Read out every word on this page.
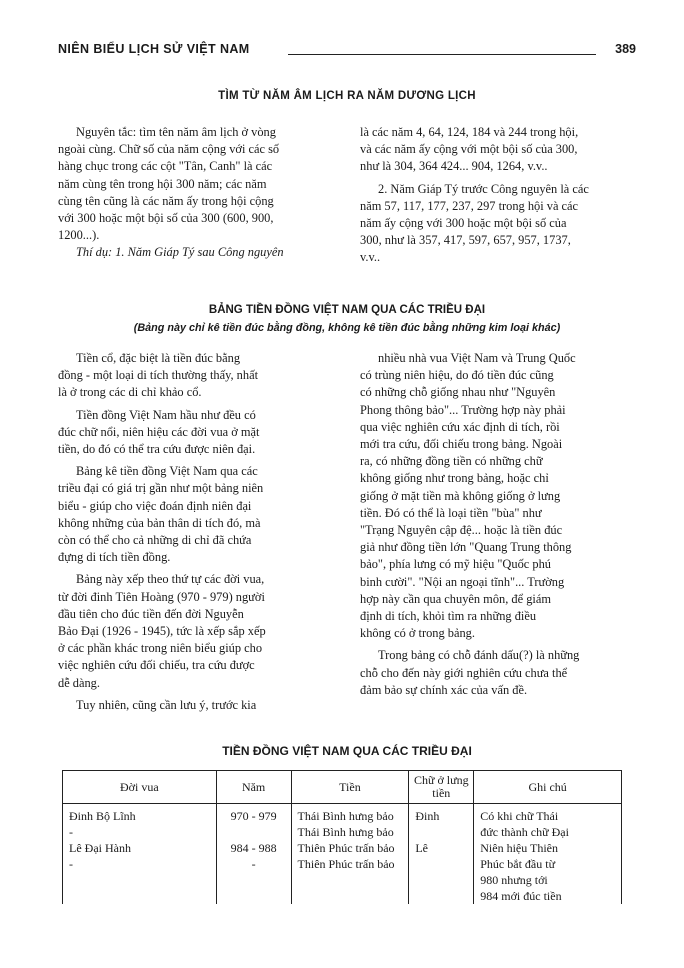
NIÊN BIỂU LỊCH SỬ VIỆT NAM	389
TÌM TỪ NĂM ÂM LỊCH RA NĂM DƯƠNG LỊCH
Nguyên tắc: tìm tên năm âm lịch ở vòng
ngoài cùng. Chữ số của năm cộng với các số
hàng chục trong các cột "Tân, Canh" là các
năm cùng tên trong hội 300 năm; các năm
cùng tên cũng là các năm ấy trong hội cộng
với 300 hoặc một bội số của 300 (600, 900,
1200...).
Thí dụ: 1. Năm Giáp Tý sau Công nguyên
là các năm 4, 64, 124, 184 và 244 trong hội,
và các năm ấy cộng với một bội số của 300,
như là 304, 364 424... 904, 1264, v.v..
2. Năm Giáp Tý trước Công nguyên là các
năm 57, 117, 177, 237, 297 trong hội và các
năm ấy cộng với 300 hoặc một bội số của
300, như là 357, 417, 597, 657, 957, 1737,
v.v..
BẢNG TIỀN ĐỒNG VIỆT NAM QUA CÁC TRIỀU ĐẠI
(Bảng này chỉ kê tiền đúc bằng đồng, không kê tiền đúc bằng những kim loại khác)
Tiền cổ, đặc biệt là tiền đúc bằng
đồng - một loại di tích thường thấy, nhất
là ở trong các di chỉ khảo cổ.
Tiền đồng Việt Nam hầu như đều có
đúc chữ nổi, niên hiệu các đời vua ở mặt
tiền, do đó có thể tra cứu được niên đại.
Bảng kê tiền đồng Việt Nam qua các
triều đại có giá trị gần như một bảng niên
biểu - giúp cho việc đoán định niên đại
không những của bản thân di tích đó, mà
còn có thể cho cả những di chỉ đã chứa
đựng di tích tiền đồng.
Bảng này xếp theo thứ tự các đời vua,
từ đời đinh Tiên Hoàng (970 - 979) người
đầu tiên cho đúc tiền đến đời Nguyễn
Bảo Đại (1926 - 1945), tức là xếp sắp xếp
ở các phần khác trong niên biểu giúp cho
việc nghiên cứu đối chiếu, tra cứu được
dễ dàng.
Tuy nhiên, cũng cần lưu ý, trước kia
nhiều nhà vua Việt Nam và Trung Quốc
có trùng niên hiệu, do đó tiền đúc cũng
có những chỗ giống nhau như "Nguyên
Phong thông bảo"... Trường hợp này phải
qua việc nghiên cứu xác định di tích, rồi
mới tra cứu, đối chiếu trong bảng. Ngoài
ra, có những đồng tiền có những chữ
không giống như trong bảng, hoặc chỉ
giống ở mặt tiền mà không giống ở lưng
tiền. Đó có thể là loại tiền "bùa" như
"Trạng Nguyên cập đệ... hoặc là tiền đúc
giả như đồng tiền lớn "Quang Trung thông
bảo", phía lưng có mỹ hiệu "Quốc phú
binh cười". "Nội an ngoại tĩnh"... Trường
hợp này cần qua chuyên môn, để giám
định di tích, khỏi tìm ra những điều
không có ở trong bảng.
Trong bảng có chỗ đánh dấu(?) là những
chỗ cho đến này giới nghiên cứu chưa thể
đảm bảo sự chính xác của vấn đề.
TIỀN ĐỒNG VIỆT NAM QUA CÁC TRIỀU ĐẠI
Đời vua	Năm	Tiền	Chữ ở lưng tiền	Ghi chú
Đinh Bộ Lĩnh	970 - 979	Thái Bình hưng bảo	Đinh	Có khi chữ Thái
-		Thái Bình hưng bảo		đức thành chữ Đại
Lê Đại Hành	984 - 988	Thiên Phúc trấn bảo	Lê	Niên hiệu Thiên
-	-	Thiên Phúc trấn bảo		Phúc bắt đầu từ
				980 nhưng tới
				984 mới đúc tiền
